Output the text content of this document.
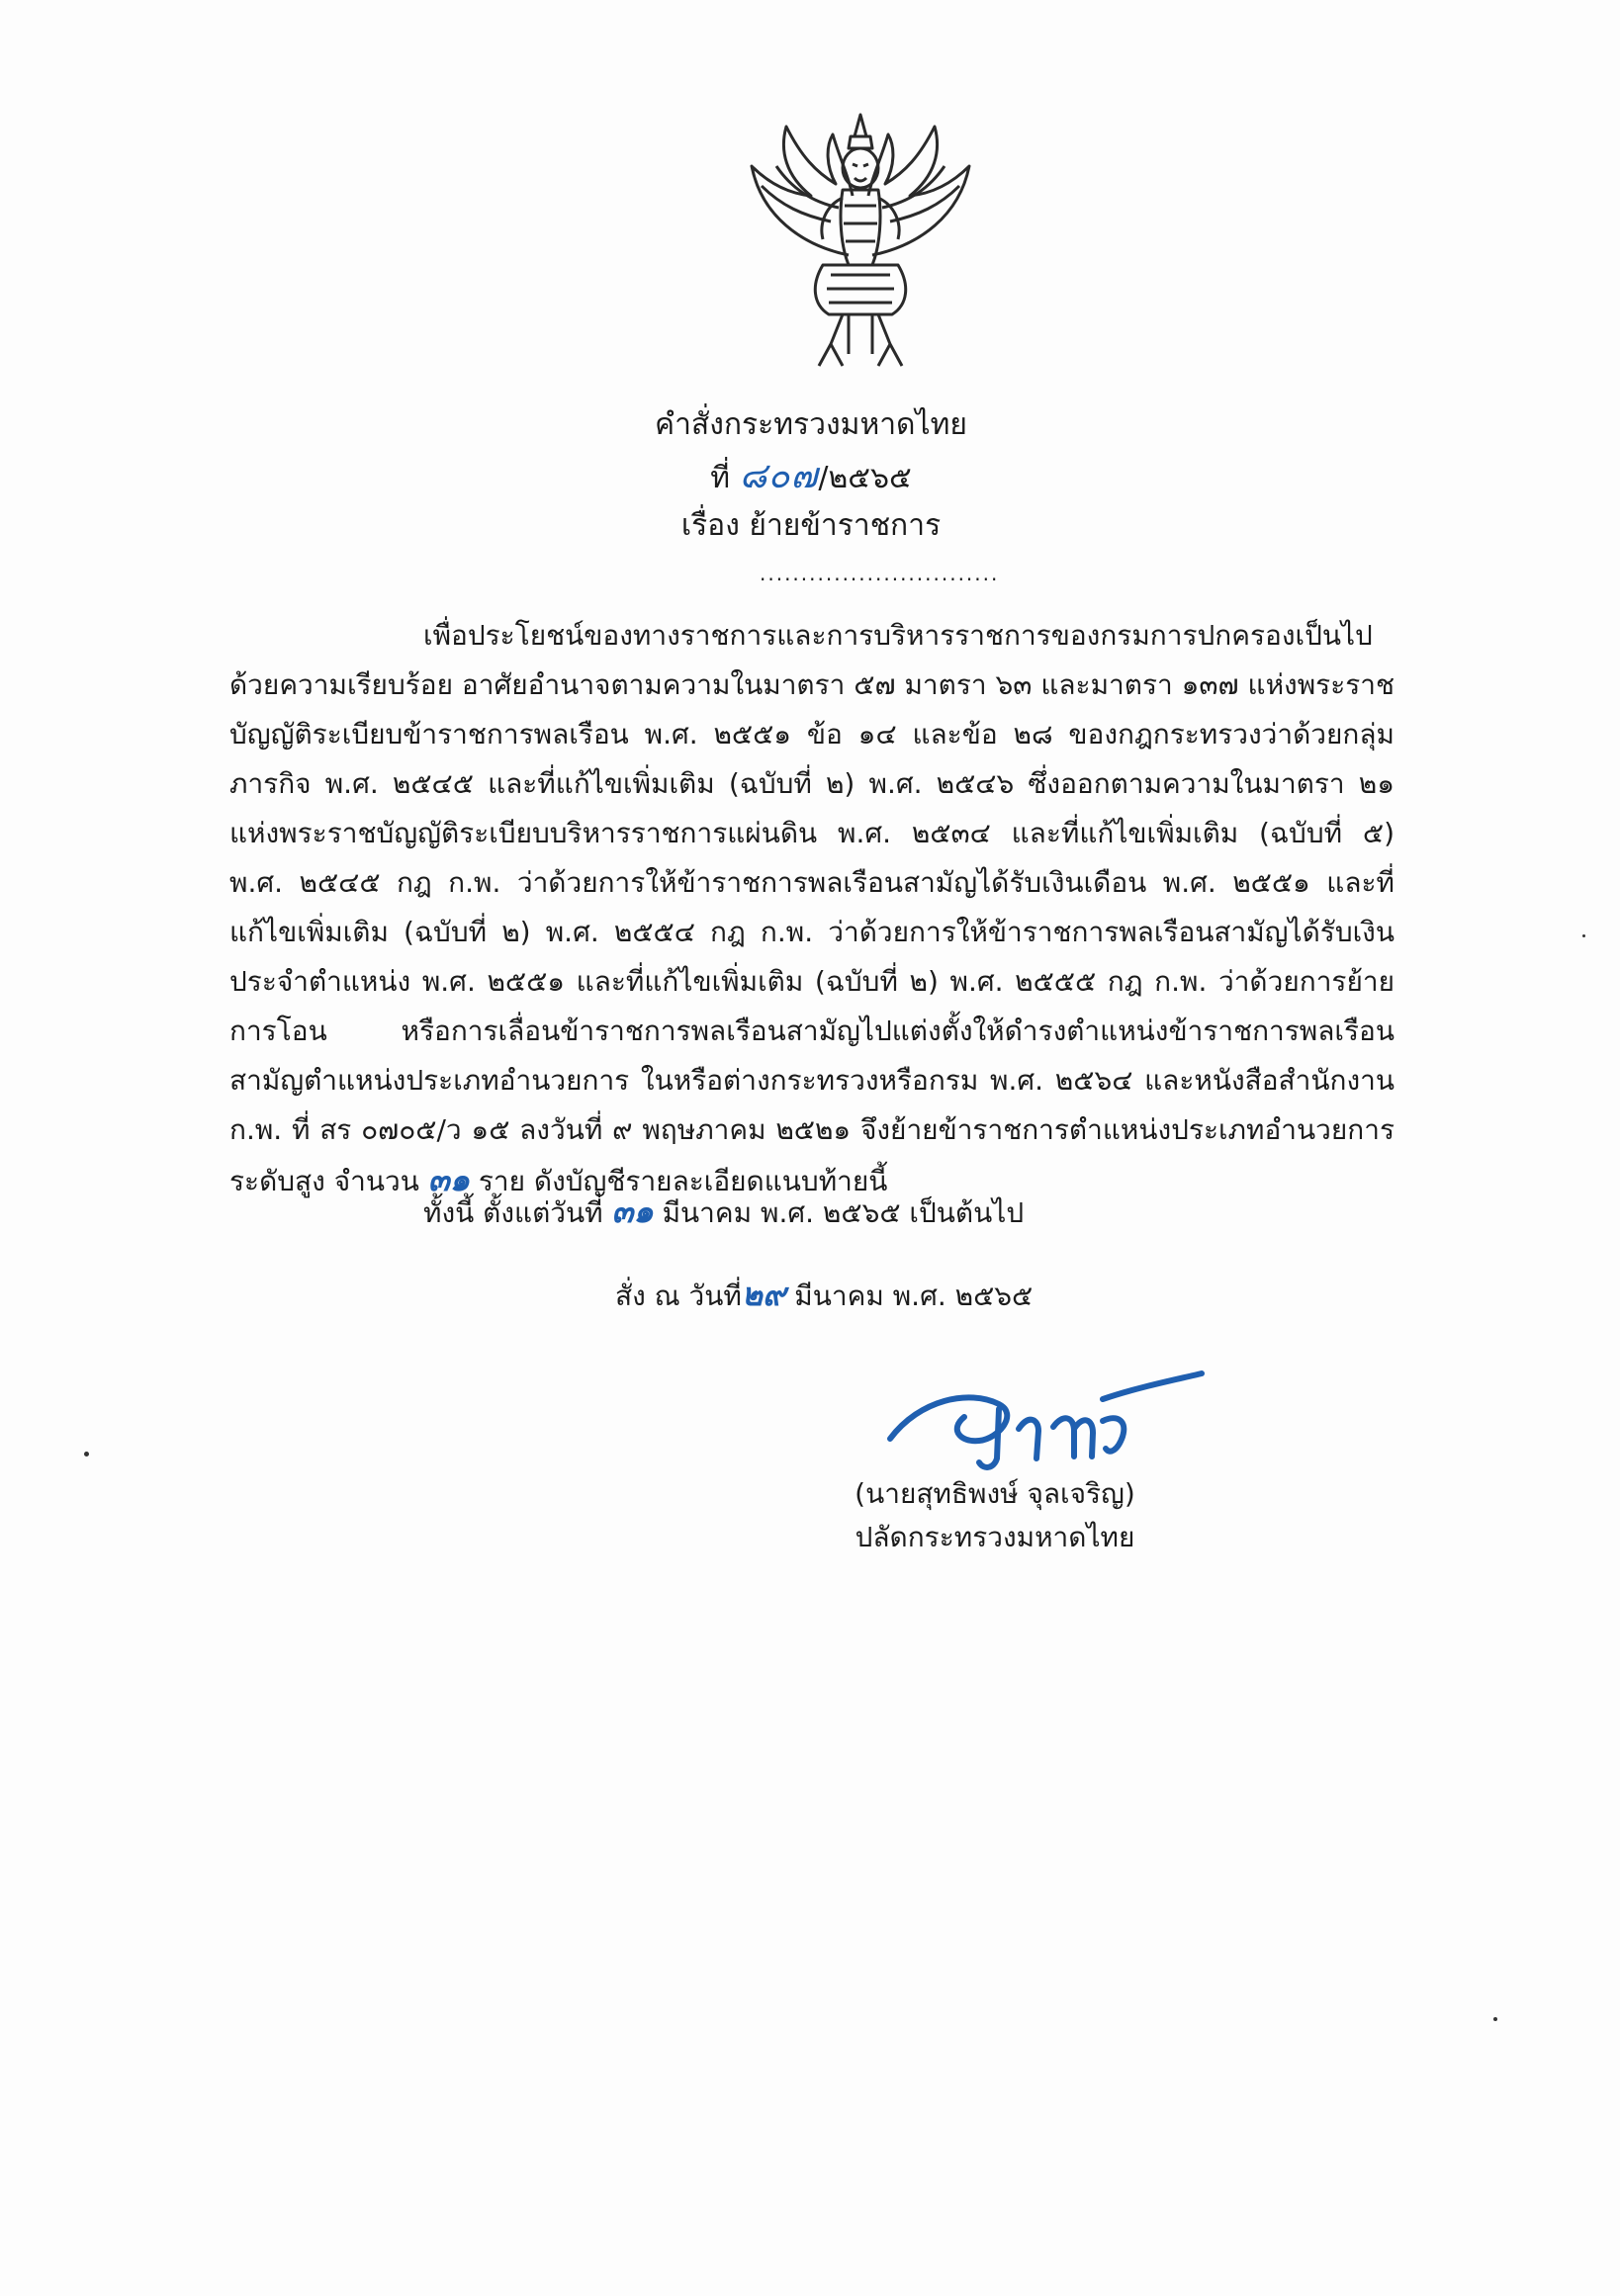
คำสั่งกระทรวงมหาดไทย
ที่ ๘๐๗/๒๕๖๕
เรื่อง ย้ายข้าราชการ
.............................

เพื่อประโยชน์ของทางราชการและการบริหารราชการของกรมการปกครองเป็นไปด้วยความเรียบร้อย อาศัยอำนาจตามความในมาตรา ๕๗ มาตรา ๖๓ และมาตรา ๑๓๗ แห่งพระราชบัญญัติระเบียบข้าราชการพลเรือน พ.ศ. ๒๕๕๑ ข้อ ๑๔ และข้อ ๒๘ ของกฎกระทรวงว่าด้วยกลุ่มภารกิจ พ.ศ. ๒๕๔๕ และที่แก้ไขเพิ่มเติม (ฉบับที่ ๒) พ.ศ. ๒๕๔๖ ซึ่งออกตามความในมาตรา ๒๑ แห่งพระราชบัญญัติระเบียบบริหารราชการแผ่นดิน พ.ศ. ๒๕๓๔ และที่แก้ไขเพิ่มเติม (ฉบับที่ ๕) พ.ศ. ๒๕๔๕ กฎ ก.พ. ว่าด้วยการให้ข้าราชการพลเรือนสามัญได้รับเงินเดือน พ.ศ. ๒๕๕๑ และที่แก้ไขเพิ่มเติม (ฉบับที่ ๒) พ.ศ. ๒๕๕๔ กฎ ก.พ. ว่าด้วยการให้ข้าราชการพลเรือนสามัญได้รับเงินประจำตำแหน่ง พ.ศ. ๒๕๕๑ และที่แก้ไขเพิ่มเติม (ฉบับที่ ๒) พ.ศ. ๒๕๕๕ กฎ ก.พ. ว่าด้วยการย้าย การโอน หรือการเลื่อนข้าราชการพลเรือนสามัญไปแต่งตั้งให้ดำรงตำแหน่งข้าราชการพลเรือนสามัญตำแหน่งประเภทอำนวยการ ในหรือต่างกระทรวงหรือกรม พ.ศ. ๒๕๖๔ และหนังสือสำนักงาน ก.พ. ที่ สร ๐๗๐๕/ว ๑๕ ลงวันที่ ๙ พฤษภาคม ๒๕๒๑ จึงย้ายข้าราชการตำแหน่งประเภทอำนวยการ ระดับสูง จำนวน ๓๑ ราย ดังบัญชีรายละเอียดแนบท้ายนี้

ทั้งนี้ ตั้งแต่วันที่ ๓๑ มีนาคม พ.ศ. ๒๕๖๕ เป็นต้นไป
สั่ง ณ วันที่๒๙ มีนาคม พ.ศ. ๒๕๖๕
(นายสุทธิพงษ์ จุลเจริญ)
ปลัดกระทรวงมหาดไทย
